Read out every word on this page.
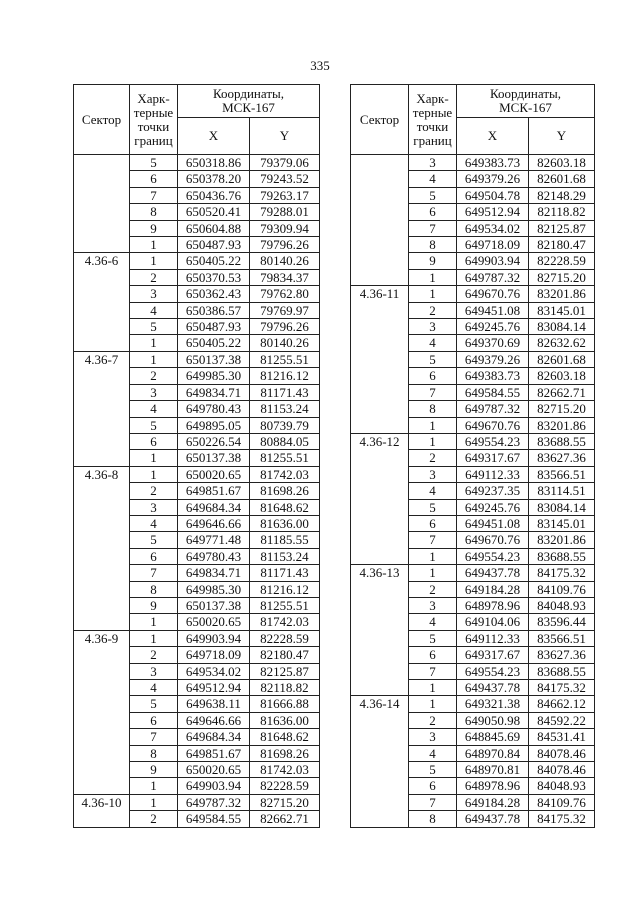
335
Сектор	Харк-
терные
точки
границ	Координаты,
МСК-167	
		X	Y
	5	650318.86	79379.06
	6	650378.20	79243.52
	7	650436.76	79263.17
	8	650520.41	79288.01
	9	650604.88	79309.94
	1	650487.93	79796.26
4.36-6	1	650405.22	80140.26
	2	650370.53	79834.37
	3	650362.43	79762.80
	4	650386.57	79769.97
	5	650487.93	79796.26
	1	650405.22	80140.26
4.36-7	1	650137.38	81255.51
	2	649985.30	81216.12
	3	649834.71	81171.43
	4	649780.43	81153.24
	5	649895.05	80739.79
	6	650226.54	80884.05
	1	650137.38	81255.51
4.36-8	1	650020.65	81742.03
	2	649851.67	81698.26
	3	649684.34	81648.62
	4	649646.66	81636.00
	5	649771.48	81185.55
	6	649780.43	81153.24
	7	649834.71	81171.43
	8	649985.30	81216.12
	9	650137.38	81255.51
	1	650020.65	81742.03
4.36-9	1	649903.94	82228.59
	2	649718.09	82180.47
	3	649534.02	82125.87
	4	649512.94	82118.82
	5	649638.11	81666.88
	6	649646.66	81636.00
	7	649684.34	81648.62
	8	649851.67	81698.26
	9	650020.65	81742.03
	1	649903.94	82228.59
4.36-10	1	649787.32	82715.20
	2	649584.55	82662.71
Сектор	Харк-
терные
точки
границ	Координаты,
МСК-167	
		X	Y
	3	649383.73	82603.18
	4	649379.26	82601.68
	5	649504.78	82148.29
	6	649512.94	82118.82
	7	649534.02	82125.87
	8	649718.09	82180.47
	9	649903.94	82228.59
	1	649787.32	82715.20
4.36-11	1	649670.76	83201.86
	2	649451.08	83145.01
	3	649245.76	83084.14
	4	649370.69	82632.62
	5	649379.26	82601.68
	6	649383.73	82603.18
	7	649584.55	82662.71
	8	649787.32	82715.20
	1	649670.76	83201.86
4.36-12	1	649554.23	83688.55
	2	649317.67	83627.36
	3	649112.33	83566.51
	4	649237.35	83114.51
	5	649245.76	83084.14
	6	649451.08	83145.01
	7	649670.76	83201.86
	1	649554.23	83688.55
4.36-13	1	649437.78	84175.32
	2	649184.28	84109.76
	3	648978.96	84048.93
	4	649104.06	83596.44
	5	649112.33	83566.51
	6	649317.67	83627.36
	7	649554.23	83688.55
	1	649437.78	84175.32
4.36-14	1	649321.38	84662.12
	2	649050.98	84592.22
	3	648845.69	84531.41
	4	648970.84	84078.46
	5	648970.81	84078.46
	6	648978.96	84048.93
	7	649184.28	84109.76
	8	649437.78	84175.32
